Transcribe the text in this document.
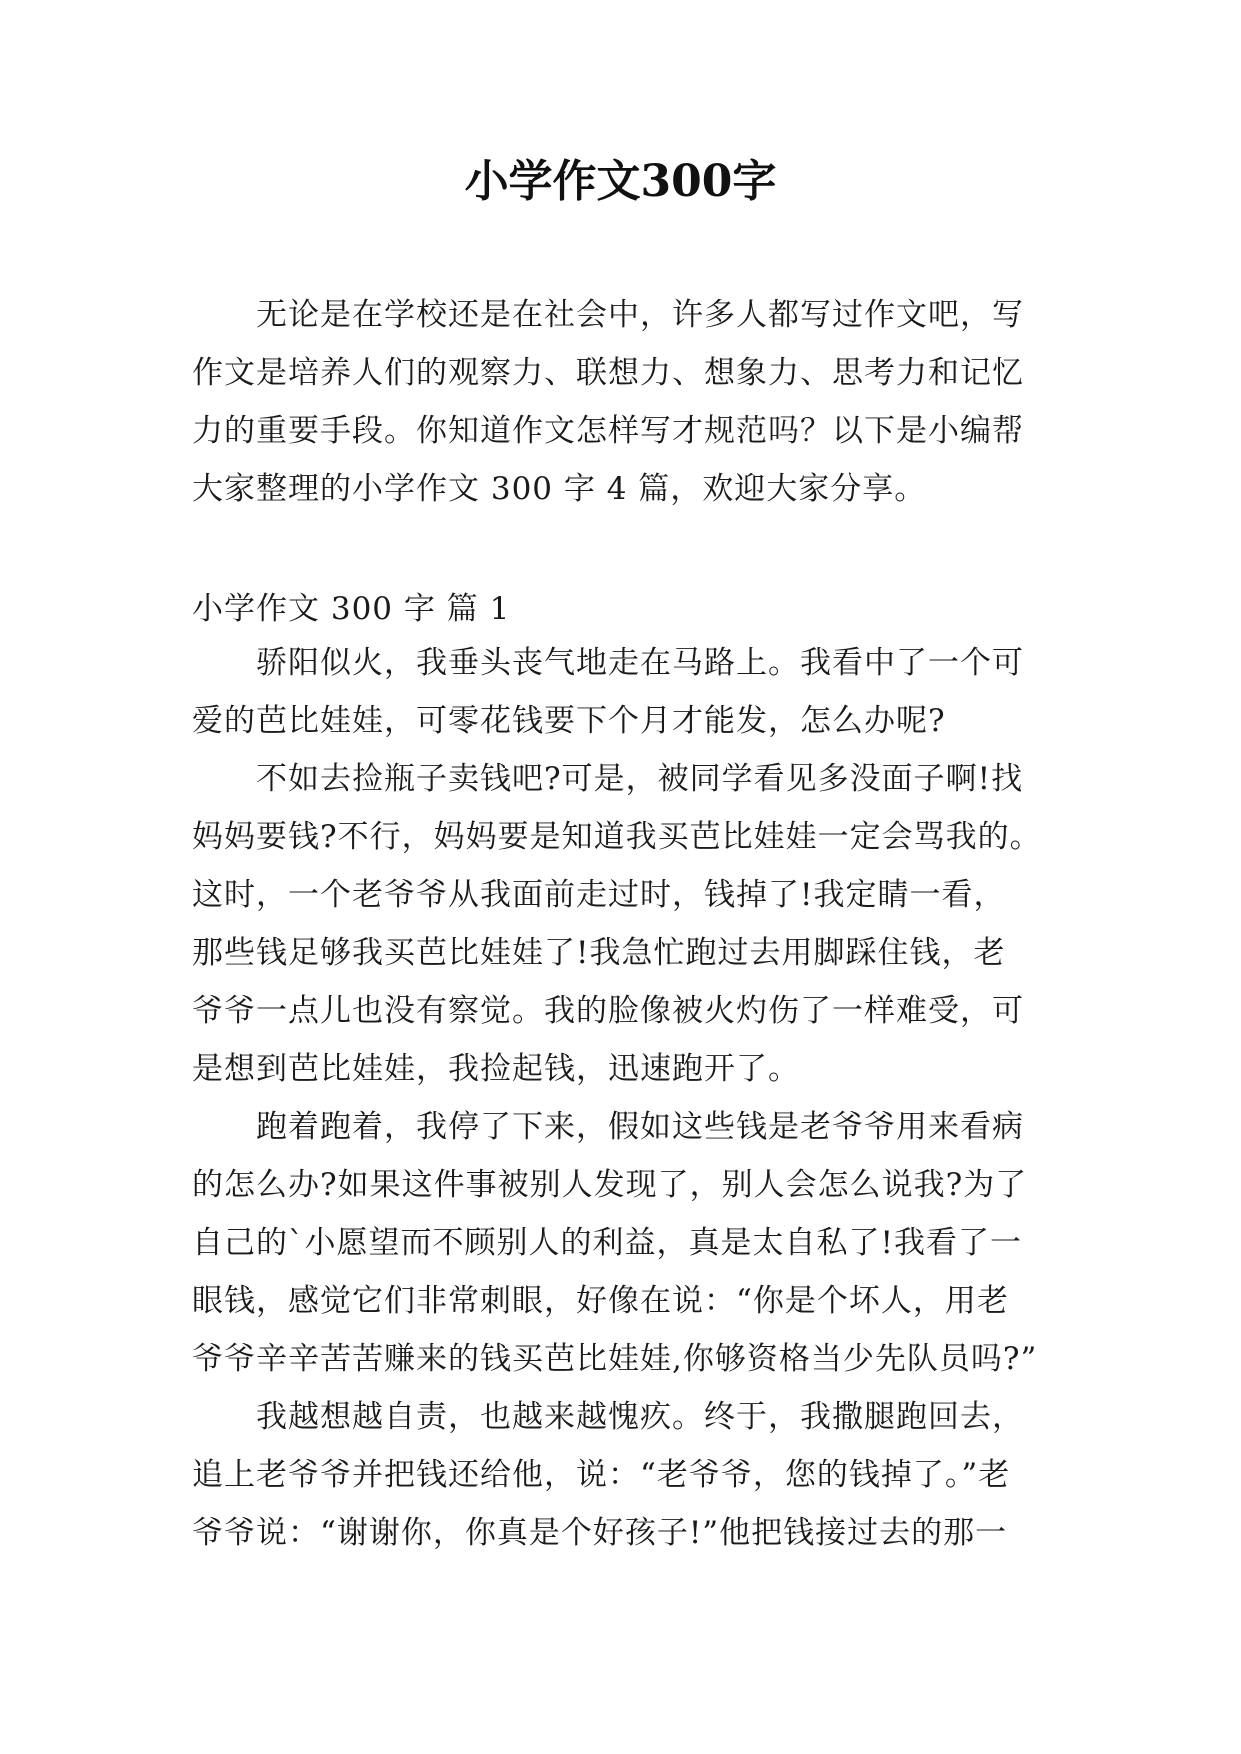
小学作文300字
无论是在学校还是在社会中，许多人都写过作文吧，写
作文是培养人们的观察力、联想力、想象力、思考力和记忆
力的重要手段。你知道作文怎样写才规范吗？以下是小编帮
大家整理的小学作文 300 字 4 篇，欢迎大家分享。
小学作文 300 字 篇 1
骄阳似火，我垂头丧气地走在马路上。我看中了一个可
爱的芭比娃娃，可零花钱要下个月才能发，怎么办呢?
不如去捡瓶子卖钱吧?可是，被同学看见多没面子啊!找
妈妈要钱?不行，妈妈要是知道我买芭比娃娃一定会骂我的。
这时，一个老爷爷从我面前走过时，钱掉了!我定睛一看，
那些钱足够我买芭比娃娃了!我急忙跑过去用脚踩住钱，老
爷爷一点儿也没有察觉。我的脸像被火灼伤了一样难受，可
是想到芭比娃娃，我捡起钱，迅速跑开了。
跑着跑着，我停了下来，假如这些钱是老爷爷用来看病
的怎么办?如果这件事被别人发现了，别人会怎么说我?为了
自己的`小愿望而不顾别人的利益，真是太自私了!我看了一
眼钱，感觉它们非常刺眼，好像在说：“你是个坏人，用老
爷爷辛辛苦苦赚来的钱买芭比娃娃,你够资格当少先队员吗?”
我越想越自责，也越来越愧疚。终于，我撒腿跑回去，
追上老爷爷并把钱还给他，说：“老爷爷，您的钱掉了。”老
爷爷说：“谢谢你，你真是个好孩子!”他把钱接过去的那一
